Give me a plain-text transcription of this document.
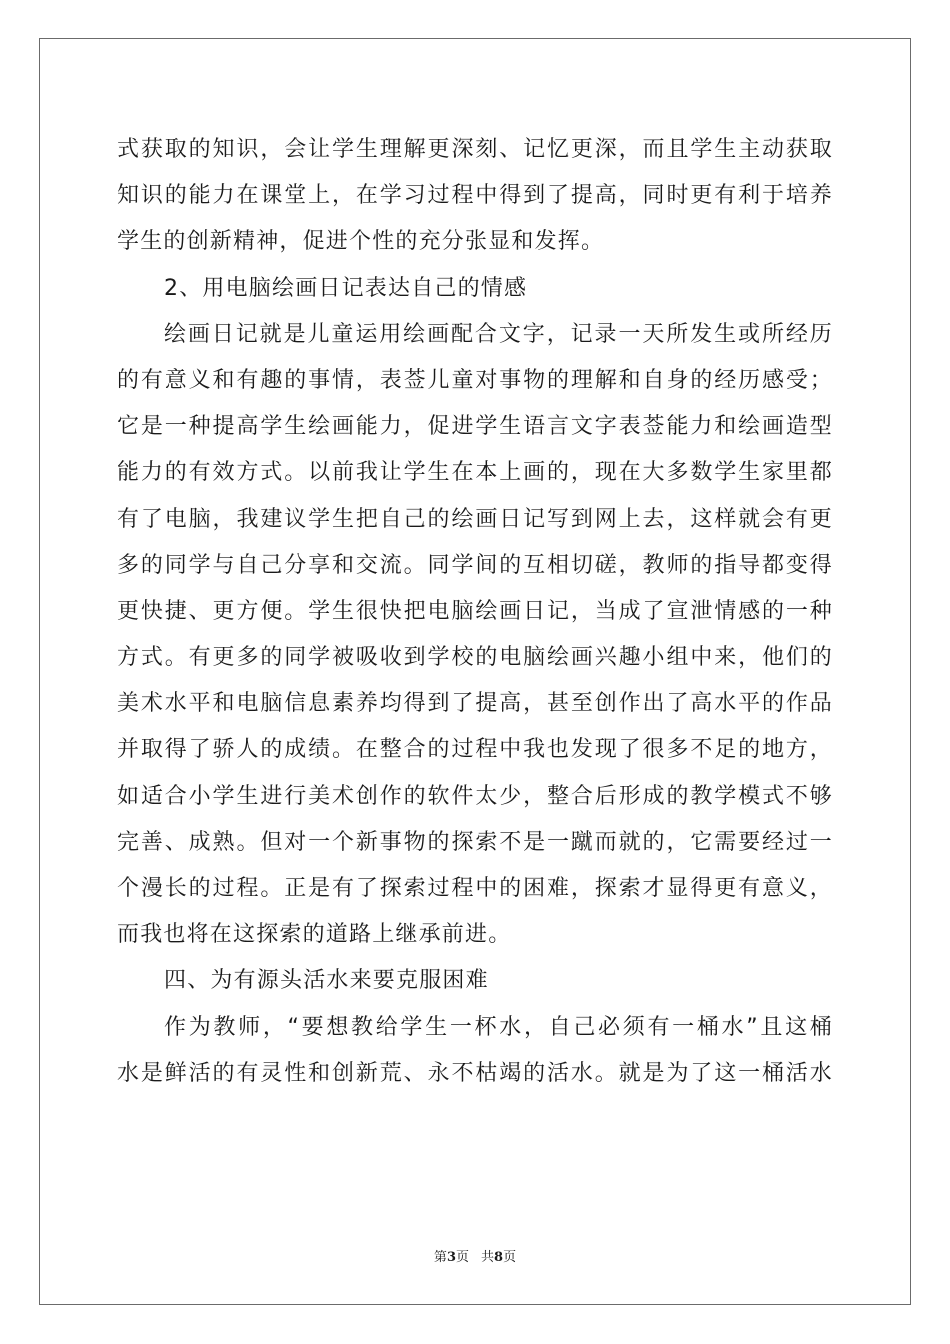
式获取的知识，会让学生理解更深刻、记忆更深，而且学生主动获取
知识的能力在课堂上，在学习过程中得到了提高，同时更有利于培养
学生的创新精神，促进个性的充分张显和发挥。
2、用电脑绘画日记表达自己的情感
绘画日记就是儿童运用绘画配合文字，记录一天所发生或所经历
的有意义和有趣的事情，表莶儿童对事物的理解和自身的经历感受；
它是一种提高学生绘画能力，促进学生语言文字表莶能力和绘画造型
能力的有效方式。以前我让学生在本上画的，现在大多数学生家里都
有了电脑，我建议学生把自己的绘画日记写到网上去，这样就会有更
多的同学与自己分享和交流。同学间的互相切磋，教师的指导都变得
更快捷、更方便。学生很快把电脑绘画日记，当成了宣泄情感的一种
方式。有更多的同学被吸收到学校的电脑绘画兴趣小组中来，他们的
美术水平和电脑信息素养均得到了提高，甚至创作出了高水平的作品
并取得了骄人的成绩。在整合的过程中我也发现了很多不足的地方，
如适合小学生进行美术创作的软件太少，整合后形成的教学模式不够
完善、成熟。但对一个新事物的探索不是一蹴而就的，它需要经过一
个漫长的过程。正是有了探索过程中的困难，探索才显得更有意义，
而我也将在这探索的道路上继承前进。
四、为有源头活水来要克服困难
作为教师，“要想教给学生一杯水，自己必须有一桶水”且这桶
水是鲜活的有灵性和创新荒、永不枯竭的活水。就是为了这一桶活水
第3页 共8页
